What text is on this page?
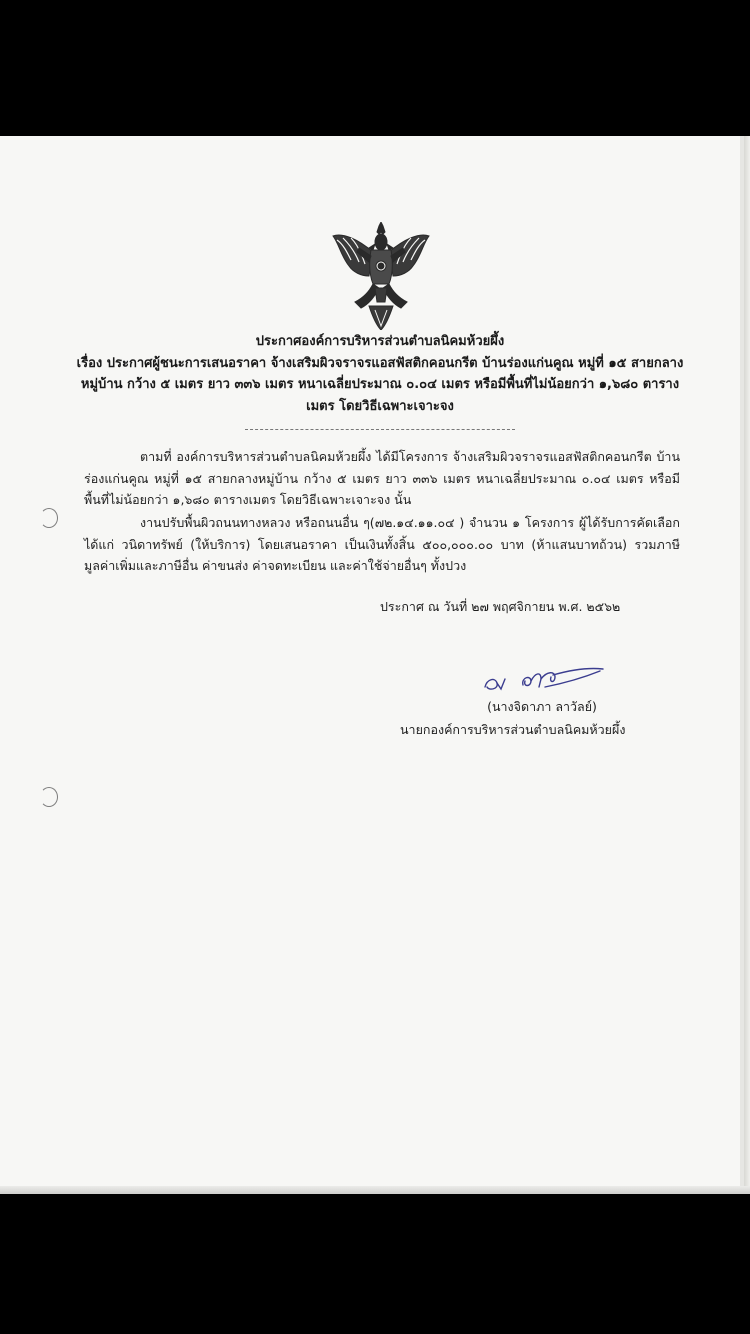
ประกาศองค์การบริหารส่วนตำบลนิคมห้วยผึ้ง
เรื่อง ประกาศผู้ชนะการเสนอราคา จ้างเสริมผิวจราจรแอสฟัสติกคอนกรีต บ้านร่องแก่นคูณ หมู่ที่ ๑๕ สายกลาง
หมู่บ้าน กว้าง ๕ เมตร ยาว ๓๓๖ เมตร หนาเฉลี่ยประมาณ ๐.๐๔ เมตร หรือมีพื้นที่ไม่น้อยกว่า ๑,๖๘๐ ตาราง
เมตร โดยวิธีเฉพาะเจาะจง
ตามที่ องค์การบริหารส่วนตำบลนิคมห้วยผึ้ง ได้มีโครงการ จ้างเสริมผิวจราจรแอสฟัสติกคอนกรีต บ้านร่องแก่นคูณ หมู่ที่ ๑๕ สายกลางหมู่บ้าน กว้าง ๕ เมตร ยาว ๓๓๖ เมตร หนาเฉลี่ยประมาณ ๐.๐๔ เมตร หรือมีพื้นที่ไม่น้อยกว่า ๑,๖๘๐ ตารางเมตร โดยวิธีเฉพาะเจาะจง นั้น
งานปรับพื้นผิวถนนทางหลวง หรือถนนอื่น ๆ(๗๒.๑๔.๑๑.๐๔ ) จำนวน ๑ โครงการ ผู้ได้รับการคัดเลือก ได้แก่ วนิดาทรัพย์ (ให้บริการ) โดยเสนอราคา เป็นเงินทั้งสิ้น ๕๐๐,๐๐๐.๐๐ บาท (ห้าแสนบาทถ้วน) รวมภาษีมูลค่าเพิ่มและภาษีอื่น ค่าขนส่ง ค่าจดทะเบียน และค่าใช้จ่ายอื่นๆ ทั้งปวง
ประกาศ ณ วันที่ ๒๗ พฤศจิกายน พ.ศ. ๒๕๖๒
(นางจิดาภา ลาวัลย์)
นายกองค์การบริหารส่วนตำบลนิคมห้วยผึ้ง
